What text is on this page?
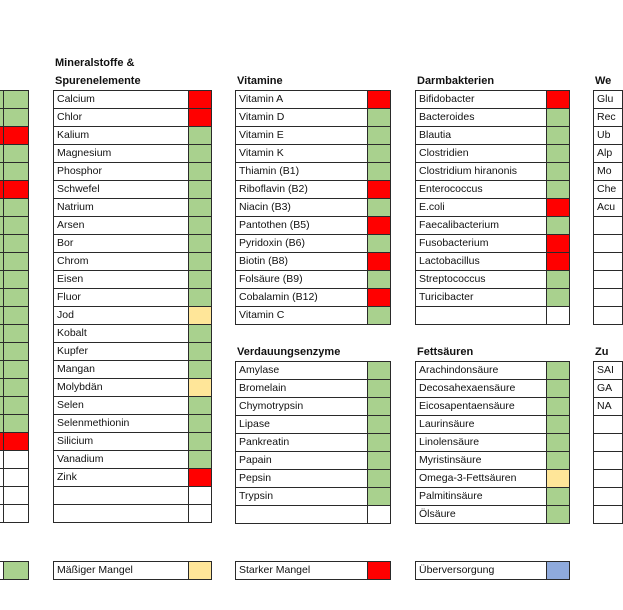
Mineralstoffe &
Spurenelemente
Calcium
Chlor
Kalium
Magnesium
Phosphor
Schwefel
Natrium
Arsen
Bor
Chrom
Eisen
Fluor
Jod
Kobalt
Kupfer
Mangan
Molybdän
Selen
Selenmethionin
Silicium
Vanadium
Zink
Vitamine
Vitamin A
Vitamin D
Vitamin E
Vitamin K
Thiamin (B1)
Riboflavin (B2)
Niacin (B3)
Pantothen (B5)
Pyridoxin (B6)
Biotin (B8)
Folsäure (B9)
Cobalamin (B12)
Vitamin C
Verdauungsenzyme
Amylase
Bromelain
Chymotrypsin
Lipase
Pankreatin
Papain
Pepsin
Trypsin
Darmbakterien
Bifidobacter
Bacteroides
Blautia
Clostridien
Clostridium hiranonis
Enterococcus
E.coli
Faecalibacterium
Fusobacterium
Lactobacillus
Streptococcus
Turicibacter
Fettsäuren
Arachindonsäure
Decosahexaensäure
Eicosapentaensäure
Laurinsäure
Linolensäure
Myristinsäure
Omega-3-Fettsäuren
Palmitinsäure
Ölsäure
We
Glu
Rec
Ub
Alp
Mo
Che
Acu
Zu
SAI
GA
NA
Mäßiger Mangel	Starker Mangel	Überversorgung
